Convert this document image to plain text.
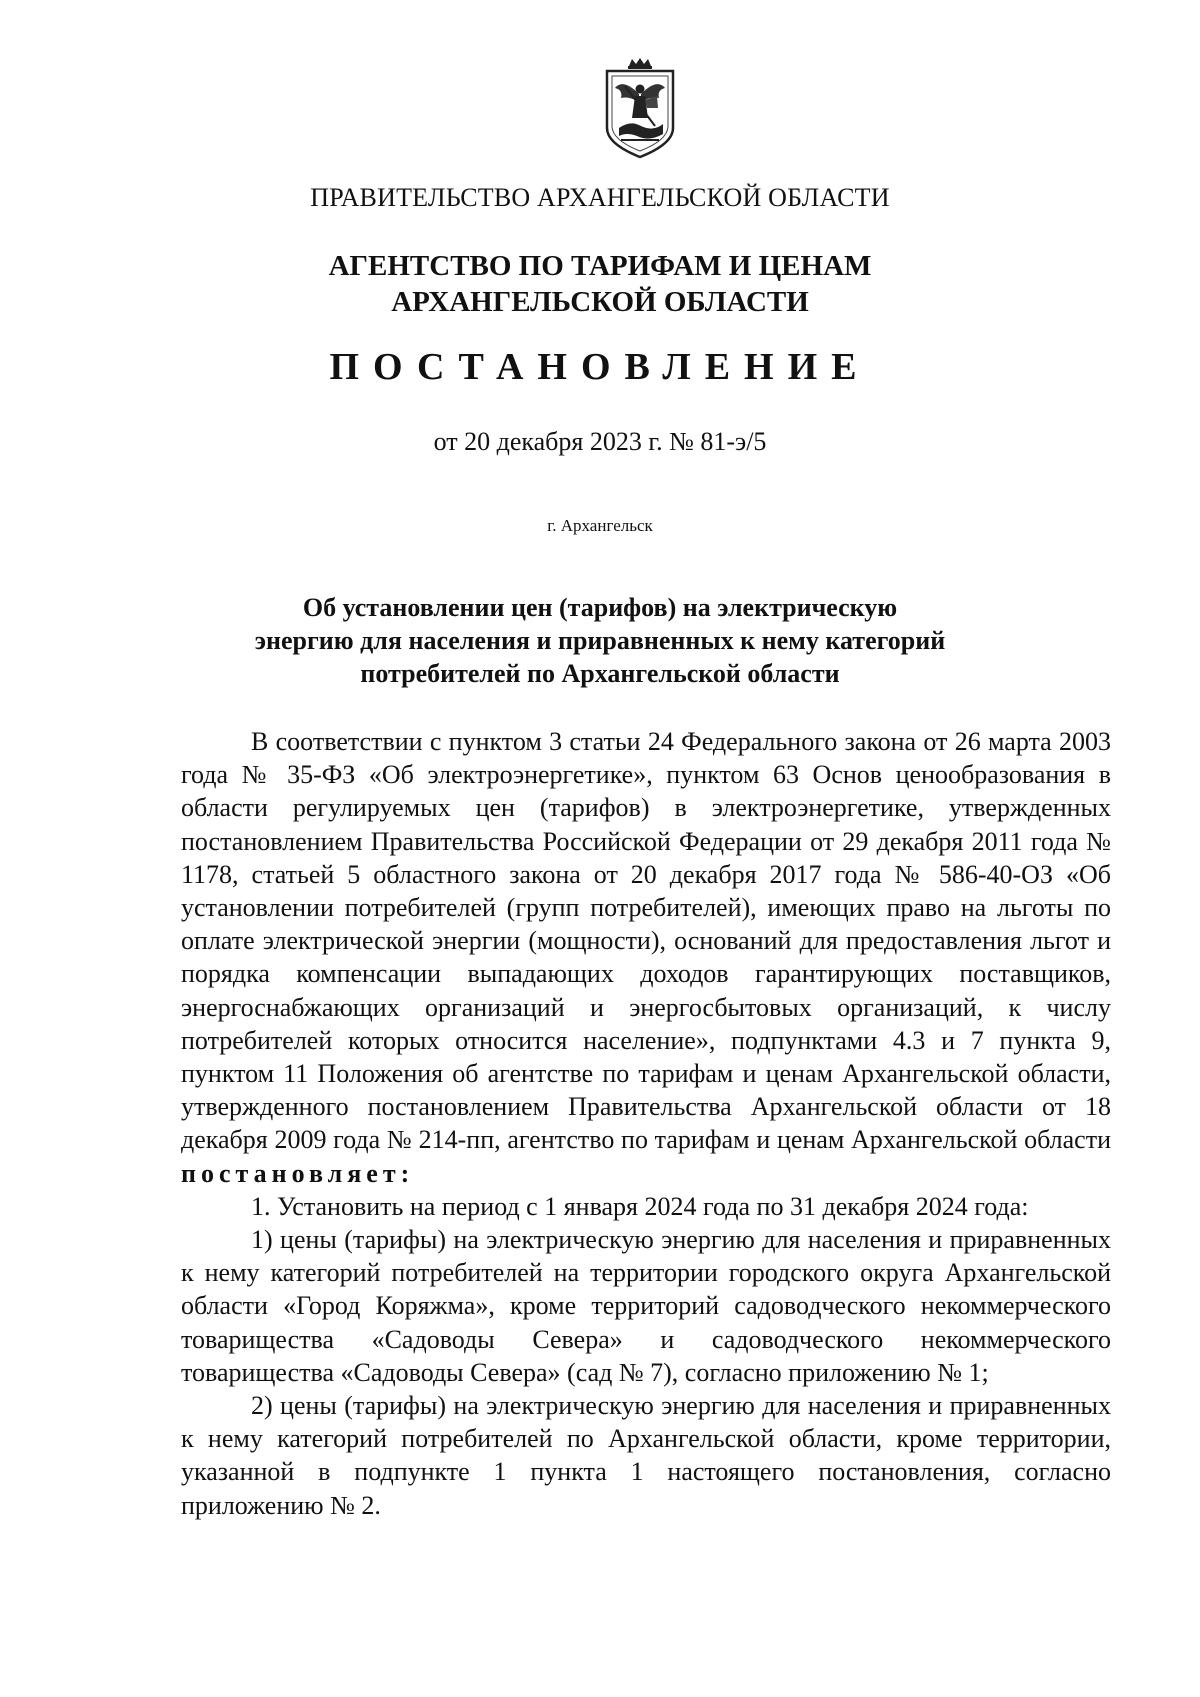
ПРАВИТЕЛЬСТВО АРХАНГЕЛЬСКОЙ ОБЛАСТИ
АГЕНТСТВО ПО ТАРИФАМ И ЦЕНАМ
АРХАНГЕЛЬСКОЙ ОБЛАСТИ
ПОСТАНОВЛЕНИЕ
от 20 декабря 2023 г. № 81-э/5
г. Архангельск
Об установлении цен (тарифов) на электрическую
энергию для населения и приравненных к нему категорий
потребителей по Архангельской области

В соответствии с пунктом 3 статьи 24 Федерального закона от 26 марта 2003 года № 35-ФЗ «Об электроэнергетике», пунктом 63 Основ ценообразования в области регулируемых цен (тарифов) в электроэнергетике, утвержденных постановлением Правительства Российской Федерации от 29 декабря 2011 года № 1178, статьей 5 областного закона от 20 декабря 2017 года № 586-40-ОЗ «Об установлении потребителей (групп потребителей), имеющих право на льготы по оплате электрической энергии (мощности), оснований для предоставления льгот и порядка компенсации выпадающих доходов гарантирующих поставщиков, энергоснабжающих организаций и энергосбытовых организаций, к числу потребителей которых относится население», подпунктами 4.3 и 7 пункта 9, пунктом 11 Положения об агентстве по тарифам и ценам Архангельской области, утвержденного постановлением Правительства Архангельской области от 18 декабря 2009 года № 214-пп, агентство по тарифам и ценам Архангельской области постановляет:

1. Установить на период с 1 января 2024 года по 31 декабря 2024 года:

1) цены (тарифы) на электрическую энергию для населения и приравненных к нему категорий потребителей на территории городского округа Архангельской области «Город Коряжма», кроме территорий садоводческого некоммерческого товарищества «Садоводы Севера» и садоводческого некоммерческого товарищества «Садоводы Севера» (сад № 7), согласно приложению № 1;

2) цены (тарифы) на электрическую энергию для населения и приравненных к нему категорий потребителей по Архангельской области, кроме территории, указанной в подпункте 1 пункта 1 настоящего постановления, согласно приложению № 2.
